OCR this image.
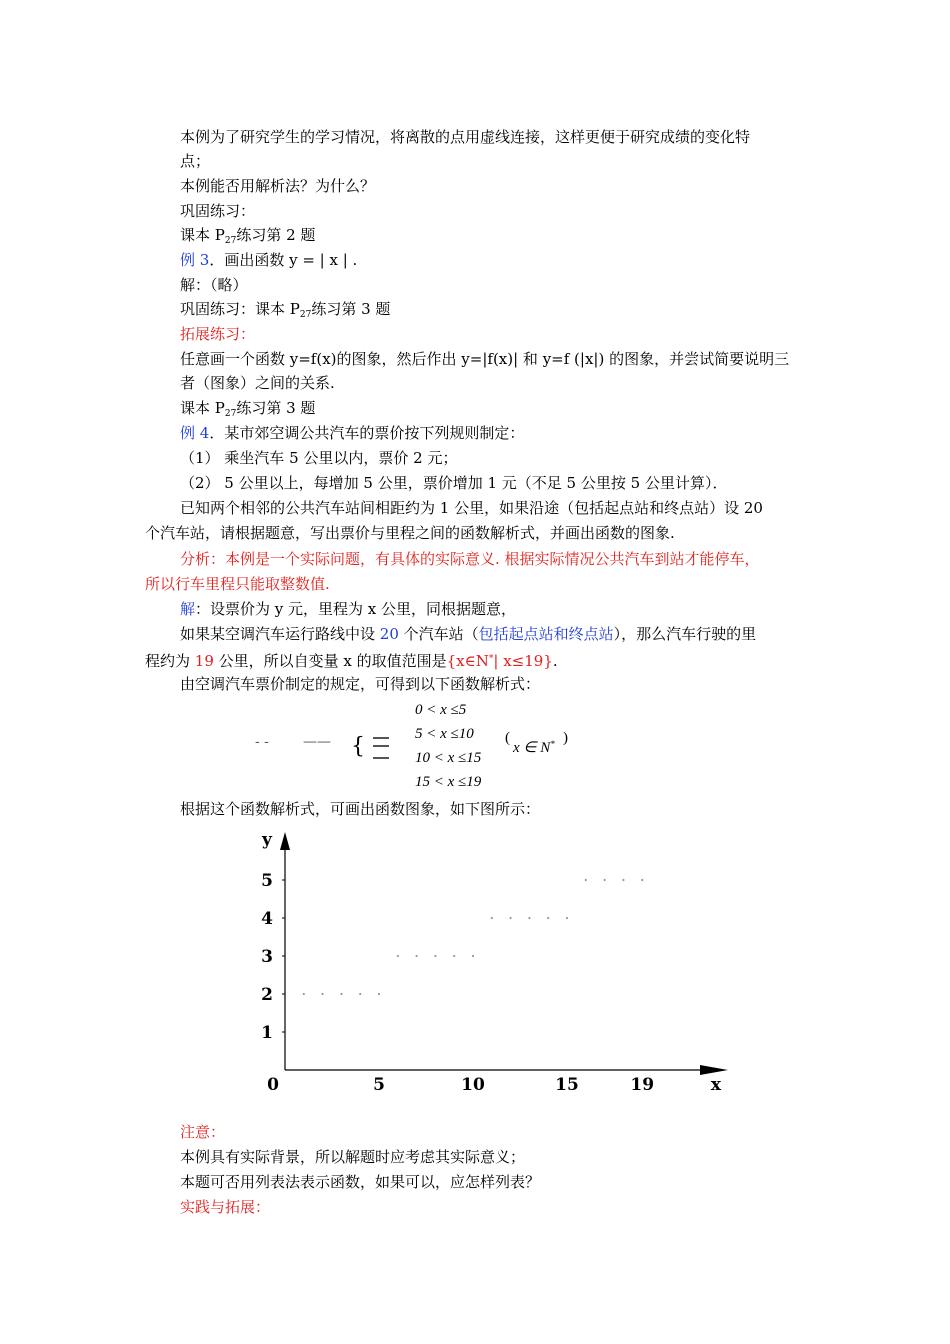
本例为了研究学生的学习情况，将离散的点用虚线连接，这样更便于研究成绩的变化特
点；
本例能否用解析法？为什么？
巩固练习：
课本 $P_{27}$练习第 2 题
例 3．画出函数 y = | x | .
解：（略）
巩固练习：课本 $P_{27}$练习第 3 题
拓展练习：
任意画一个函数 y=f(x)的图象，然后作出 y=|f(x)| 和 y=f (|x|) 的图象，并尝试简要说明三
者（图象）之间的关系.
课本 $P_{27}$练习第 3 题
例 4．某市郊空调公共汽车的票价按下列规则制定：
（1） 乘坐汽车 5 公里以内，票价 2 元；
（2） 5 公里以上，每增加 5 公里，票价增加 1 元（不足 5 公里按 5 公里计算）．
已知两个相邻的公共汽车站间相距约为 1 公里，如果沿途（包括起点站和终点站）设 20
个汽车站，请根据题意，写出票价与里程之间的函数解析式，并画出函数的图象.
分析：本例是一个实际问题，有具体的实际意义. 根据实际情况公共汽车到站才能停车，
所以行车里程只能取整数值.
解：设票价为 y 元，里程为 x 公里，同根据题意，
如果某空调汽车运行路线中设 20 个汽车站（包括起点站和终点站），那么汽车行驶的里
程约为 19 公里，所以自变量 x 的取值范围是{x∈N*| x≤19}.
由空调汽车票价制定的规定，可得到以下函数解析式：
根据这个函数解析式，可画出函数图象，如下图所示：
注意：
本例具有实际背景，所以解题时应考虑其实际意义；
本题可否用列表法表示函数，如果可以，应怎样列表？
实践与拓展：
- - —— {
0 < x ≤5
5 < x ≤10
10 < x ≤15
15 < x ≤19
(
x ∈ N* )
1
2
3
4
5
0	5	10	15	19	x
y
